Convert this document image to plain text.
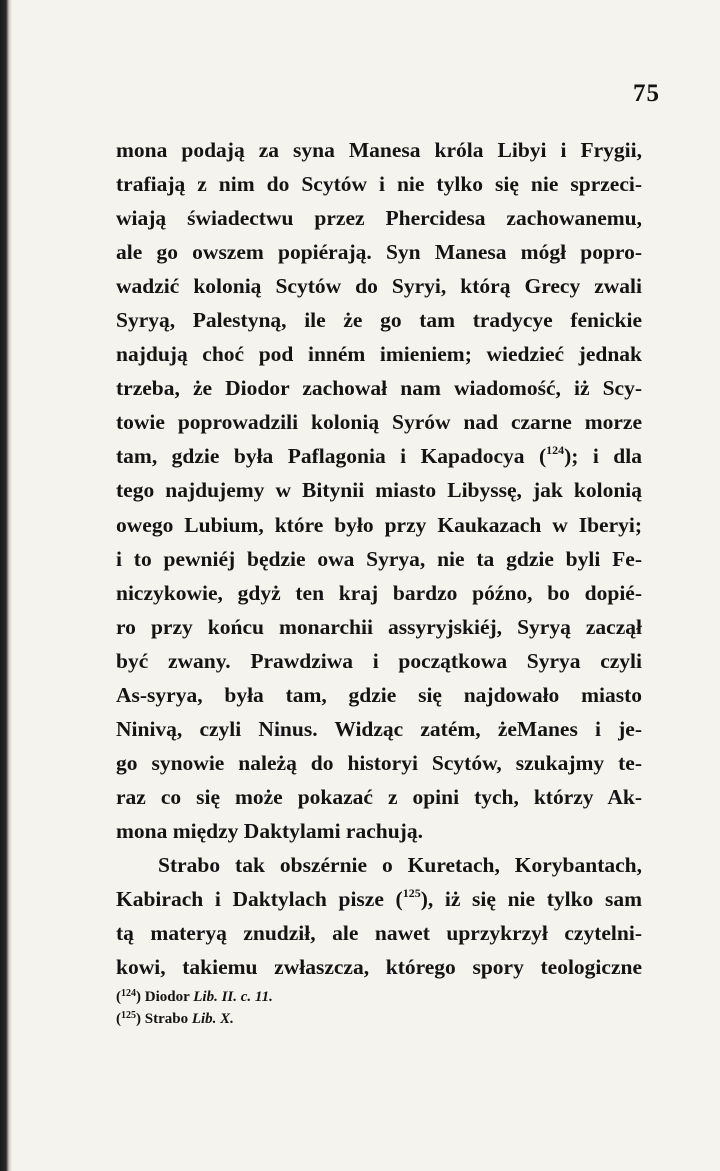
75
mona podają za syna Manesa króla Libyi i Frygii,
trafiają z nim do Scytów i nie tylko się nie sprzeci-
wiają świadectwu przez Phercidesa zachowanemu,
ale go owszem popiérają. Syn Manesa mógł popro-
wadzić kolonią Scytów do Syryi, którą Grecy zwali
Syryą, Palestyną, ile że go tam tradycye fenickie
najdują choć pod inném imieniem; wiedzieć jednak
trzeba, że Diodor zachował nam wiadomość, iż Scy-
towie poprowadzili kolonią Syrów nad czarne morze
tam, gdzie była Paflagonia i Kapadocya ($^{124}$); i dla
tego najdujemy w Bitynii miasto Libyssę, jak kolonią
owego Lubium, które było przy Kaukazach w Iberyi;
i to pewniéj będzie owa Syrya, nie ta gdzie byli Fe-
niczykowie, gdyż ten kraj bardzo późno, bo dopié-
ro przy końcu monarchii assyryjskiéj, Syryą zaczął
być zwany. Prawdziwa i początkowa Syrya czyli
As-syrya, była tam, gdzie się najdowało miasto
Ninivą, czyli Ninus. Widząc zatém, żeManes i je-
go synowie należą do historyi Scytów, szukajmy te-
raz co się może pokazać z opini tych, którzy Ak-
mona między Daktylami rachują.
Strabo tak obszérnie o Kuretach, Korybantach,
Kabirach i Daktylach pisze ($^{125}$), iż się nie tylko sam
tą materyą znudził, ale nawet uprzykrzył czytelni-
kowi, takiemu zwłaszcza, którego spory teologiczne
($^{124}$) Diodor Lib. II. c. 11.
($^{125}$) Strabo Lib. X.
